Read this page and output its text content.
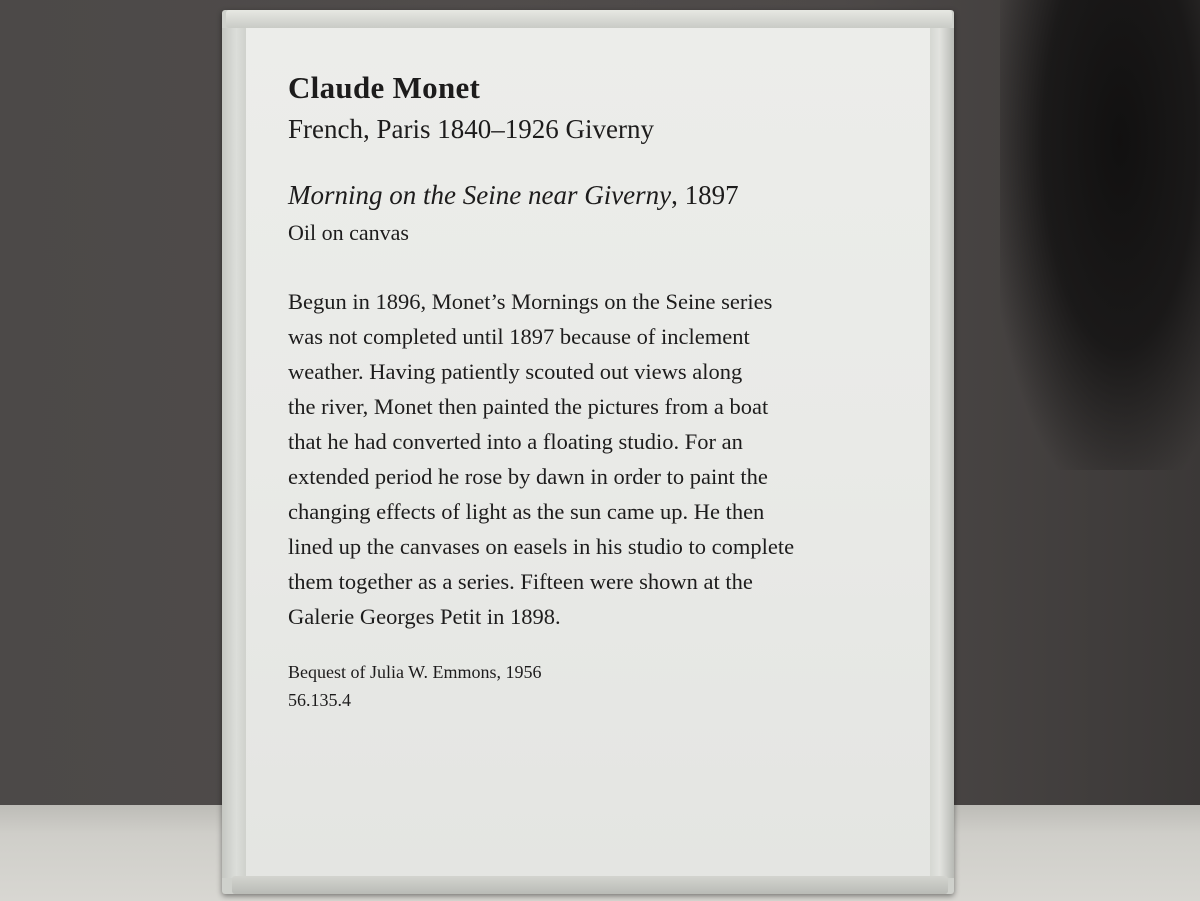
Claude Monet
French, Paris 1840–1926 Giverny
Morning on the Seine near Giverny, 1897
Oil on canvas
Begun in 1896, Monet’s Mornings on the Seine series
was not completed until 1897 because of inclement
weather. Having patiently scouted out views along
the river, Monet then painted the pictures from a boat
that he had converted into a floating studio. For an
extended period he rose by dawn in order to paint the
changing effects of light as the sun came up. He then
lined up the canvases on easels in his studio to complete
them together as a series. Fifteen were shown at the
Galerie Georges Petit in 1898.
Bequest of Julia W. Emmons, 1956
56.135.4
